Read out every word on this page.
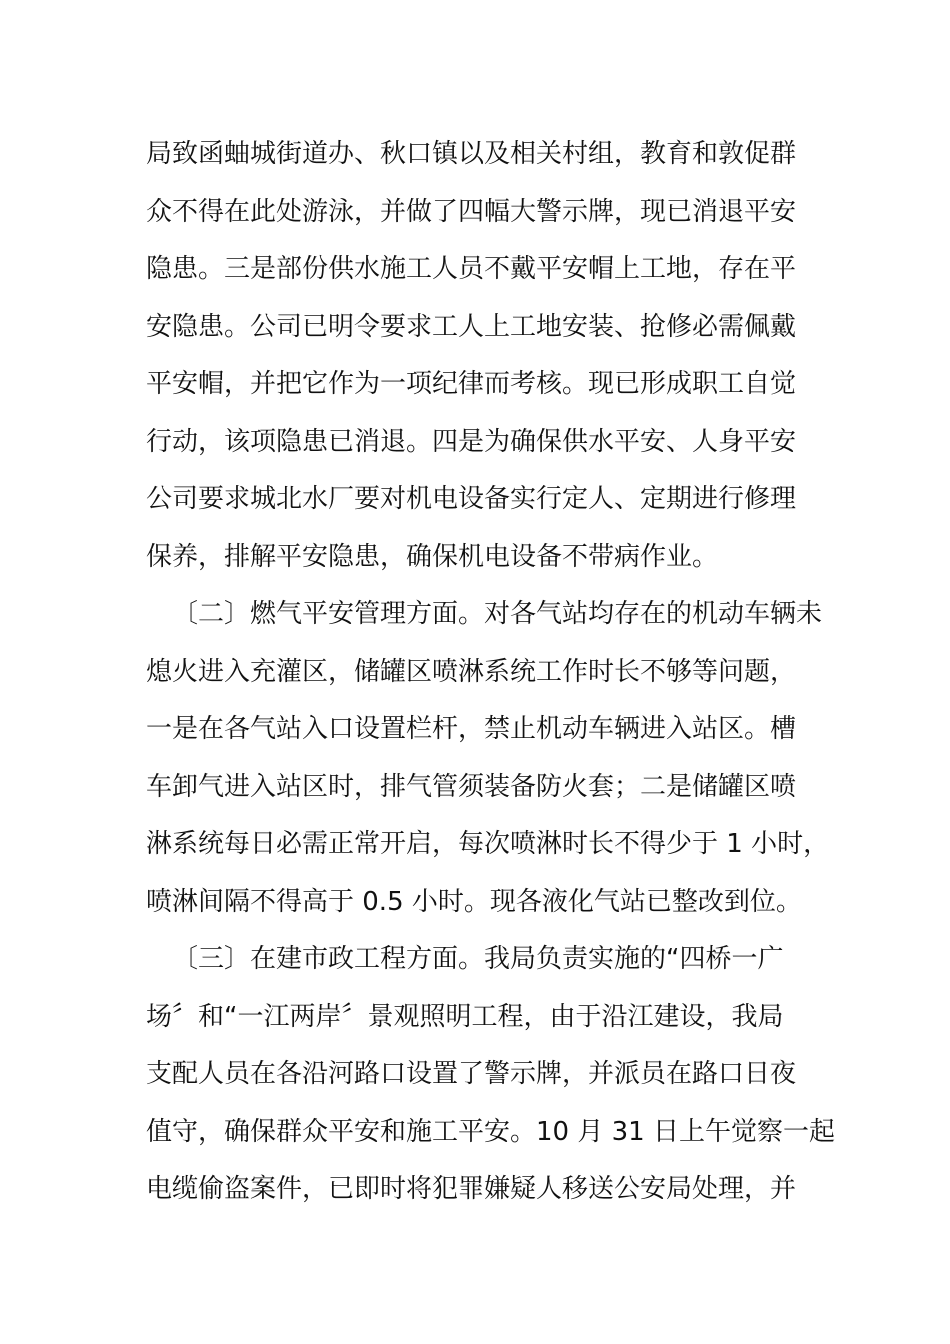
局致函蚰城街道办、秋口镇以及相关村组，教育和敦促群
众不得在此处游泳，并做了四幅大警示牌，现已消退平安
隐患。三是部份供水施工人员不戴平安帽上工地，存在平
安隐患。公司已明令要求工人上工地安装、抢修必需佩戴
平安帽，并把它作为一项纪律而考核。现已形成职工自觉
行动，该项隐患已消退。四是为确保供水平安、人身平安
公司要求城北水厂要对机电设备实行定人、定期进行修理
保养，排解平安隐患，确保机电设备不带病作业。
〔二〕燃气平安管理方面。对各气站均存在的机动车辆未
熄火进入充灌区，储罐区喷淋系统工作时长不够等问题，
一是在各气站入口设置栏杆，禁止机动车辆进入站区。槽
车卸气进入站区时，排气管须装备防火套；二是储罐区喷
淋系统每日必需正常开启，每次喷淋时长不得少于 1 小时，
喷淋间隔不得高于 0.5 小时。现各液化气站已整改到位。
〔三〕在建市政工程方面。我局负责实施的“四桥一广
场〞和“一江两岸〞景观照明工程，由于沿江建设，我局
支配人员在各沿河路口设置了警示牌，并派员在路口日夜
值守，确保群众平安和施工平安。10 月 31 日上午觉察一起
电缆偷盗案件，已即时将犯罪嫌疑人移送公安局处理，并
